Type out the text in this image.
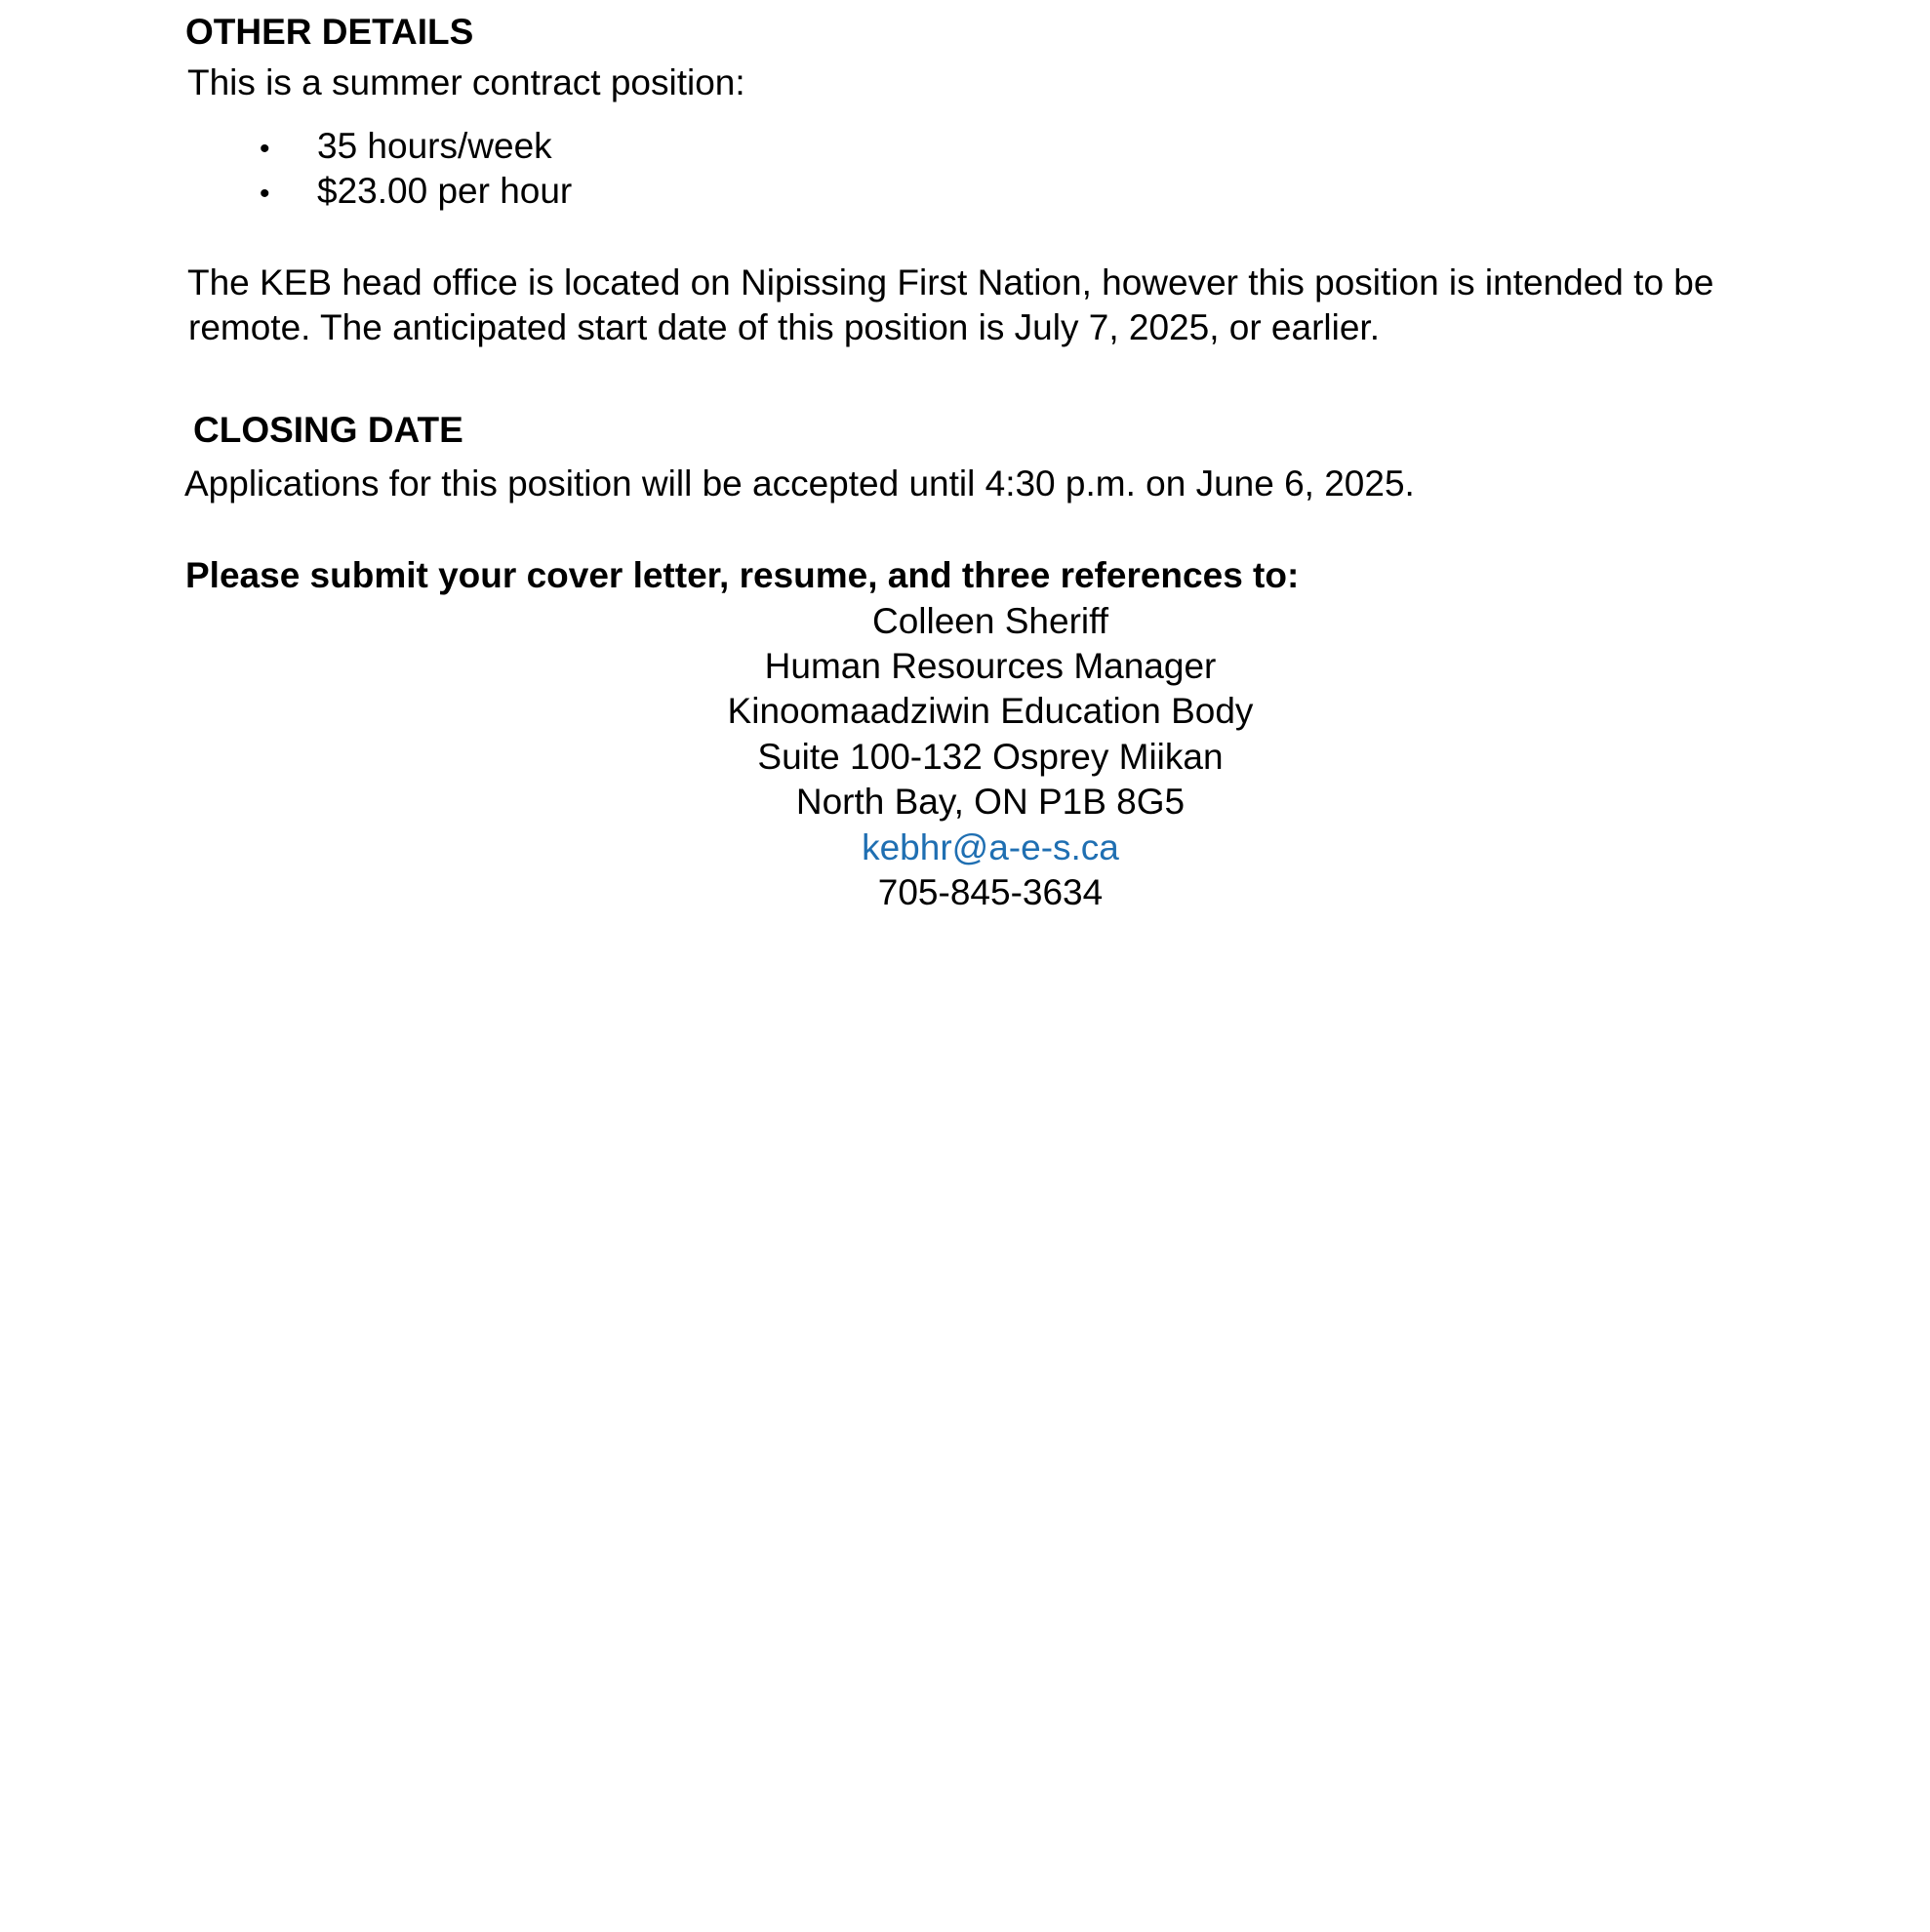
OTHER DETAILS

This is a summer contract position:

• 35 hours/week
• $23.00 per hour

The KEB head office is located on Nipissing First Nation, however this position is intended to be

remote. The anticipated start date of this position is July 7, 2025, or earlier.

CLOSING DATE

Applications for this position will be accepted until 4:30 p.m. on June 6, 2025.

Please submit your cover letter, resume, and three references to:

Colleen Sheriff

Human Resources Manager

Kinoomaadziwin Education Body

Suite 100-132 Osprey Miikan

North Bay, ON P1B 8G5

kebhr@a-e-s.ca

705-845-3634
